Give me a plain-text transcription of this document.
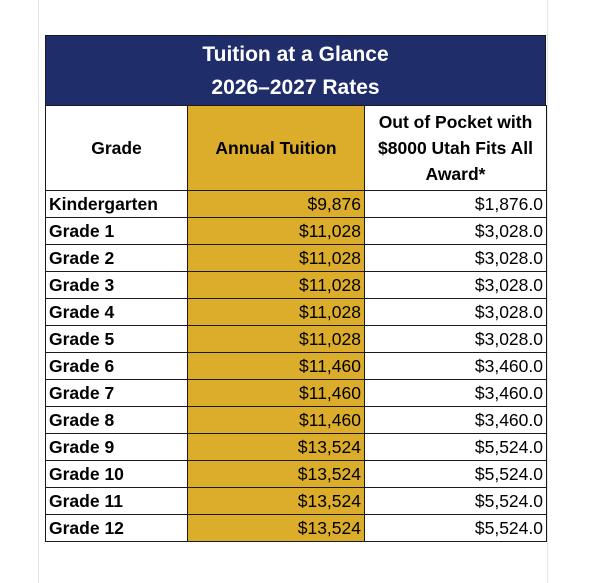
Tuition at a Glance
2026–2027 Rates
Grade	Annual Tuition	Out of Pocket with $8000 Utah Fits All Award*
Kindergarten	$9,876	$1,876.0
Grade 1	$11,028	$3,028.0
Grade 2	$11,028	$3,028.0
Grade 3	$11,028	$3,028.0
Grade 4	$11,028	$3,028.0
Grade 5	$11,028	$3,028.0
Grade 6	$11,460	$3,460.0
Grade 7	$11,460	$3,460.0
Grade 8	$11,460	$3,460.0
Grade 9	$13,524	$5,524.0
Grade 10	$13,524	$5,524.0
Grade 11	$13,524	$5,524.0
Grade 12	$13,524	$5,524.0
